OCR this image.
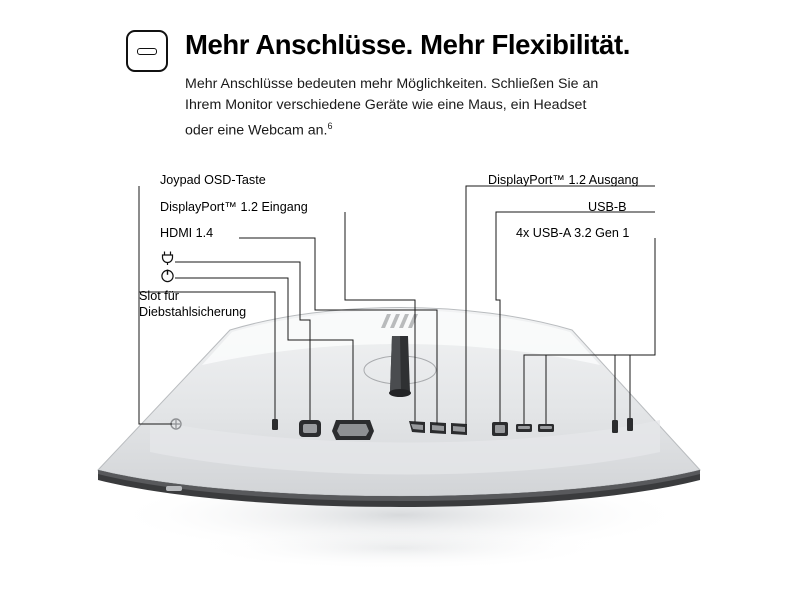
Mehr Anschlüsse. Mehr Flexibilität.
Mehr Anschlüsse bedeuten mehr Möglichkeiten. Schließen Sie an Ihrem Monitor verschiedene Geräte wie eine Maus, ein Headset oder eine Webcam an.$^6$
Joypad OSD-Taste
DisplayPort™ 1.2 Eingang
HDMI 1.4
Slot für Diebstahlsicherung
DisplayPort™ 1.2 Ausgang
USB-B
4x USB-A 3.2 Gen 1
